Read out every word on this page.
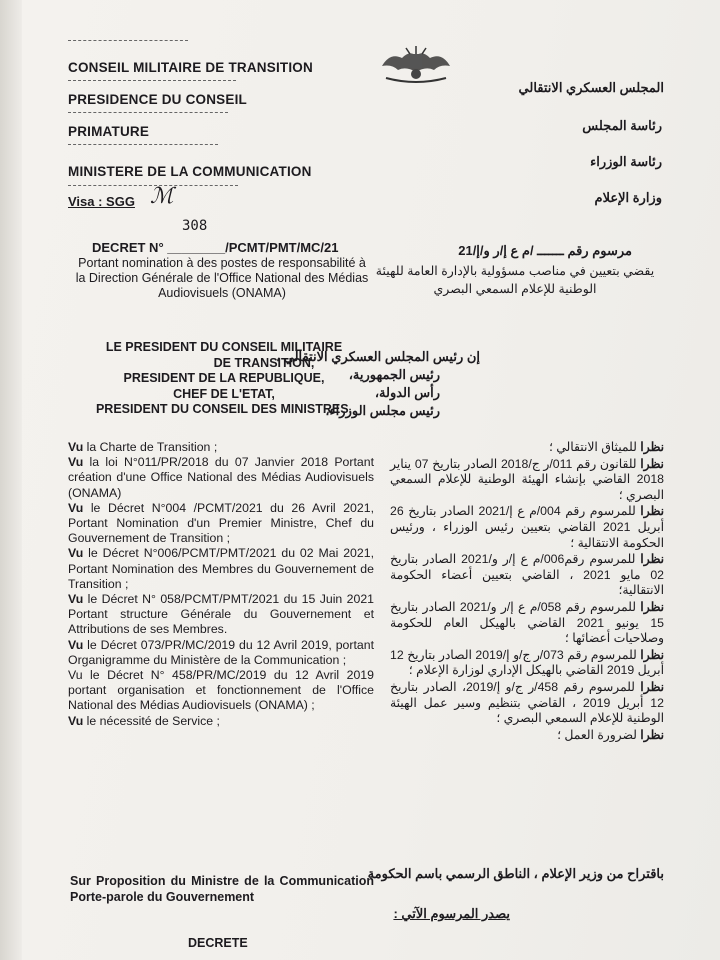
CONSEIL MILITAIRE DE TRANSITION
PRESIDENCE DU CONSEIL
PRIMATURE
MINISTERE DE LA COMMUNICATION
المجلس العسكري الانتقالي
رئاسة المجلس
رئاسة الوزراء
وزارة الإعلام
Visa : SGG ℳ
308
DECRET N° ________/PCMT/PMT/MC/21
Portant nomination à des postes de responsabilité à la Direction Générale de l'Office National des Médias Audiovisuels (ONAMA)
مرسوم رقم ـــــــ /م ع إ/ر و/إ/21
يقضي بتعيين في مناصب مسؤولية بالإدارة العامة للهيئة الوطنية للإعلام السمعي البصري
LE PRESIDENT DU CONSEIL MILITAIRE
DE TRANSITION,
PRESIDENT DE LA REPUBLIQUE,
CHEF DE L'ETAT,
PRESIDENT DU CONSEIL DES MINISTRES,
إن رئيس المجلس العسكري الانتقالي ،
رئيس الجمهورية،
رأس الدولة،
رئيس مجلس الوزراء،

Vu la Charte de Transition ;

Vu la loi N°011/PR/2018 du 07 Janvier 2018 Portant création d'une Office National des Médias Audiovisuels (ONAMA)

Vu le Décret N°004 /PCMT/2021 du 26 Avril 2021, Portant Nomination d'un Premier Ministre, Chef du Gouvernement de Transition ;

Vu le Décret N°006/PCMT/PMT/2021 du 02 Mai 2021, Portant Nomination des Membres du Gouvernement de Transition ;

Vu le Décret N° 058/PCMT/PMT/2021 du 15 Juin 2021 Portant structure Générale du Gouvernement et Attributions de ses Membres.

Vu le Décret 073/PR/MC/2019 du 12 Avril 2019, portant Organigramme du Ministère de la Communication ;

Vu le Décret N° 458/PR/MC/2019 du 12 Avril 2019 portant organisation et fonctionnement de l'Office National des Médias Audiovisuels (ONAMA) ;

Vu le nécessité de Service ;

نظرا للميثاق الانتقالي ؛

نظرا للقانون رقم 011/ر ج/2018 الصادر بتاريخ 07 يناير 2018 القاضي بإنشاء الهيئة الوطنية للإعلام السمعي البصري ؛

نظرا للمرسوم رقم 004/م ع إ/2021 الصادر بتاريخ 26 أبريل 2021 القاضي بتعيين رئيس الوزراء ، ورئيس الحكومة الانتقالية ؛

نظرا للمرسوم رقم006/م ع إ/ر و/2021 الصادر بتاريخ 02 مايو 2021 ، القاضي بتعيين أعضاء الحكومة الانتقالية؛

نظرا للمرسوم رقم 058/م ع إ/ر و/2021 الصادر بتاريخ 15 يونيو 2021 القاضي بالهيكل العام للحكومة وصلاحيات أعضائها ؛

نظرا للمرسوم رقم 073/ر ج/و إ/2019 الصادر بتاريخ 12 أبريل 2019 القاضي بالهيكل الإداري لوزارة الإعلام ؛

نظرا للمرسوم رقم 458/ر ج/و إ/2019، الصادر بتاريخ 12 أبريل 2019 ، القاضي بتنظيم وسير عمل الهيئة الوطنية للإعلام السمعي البصري ؛

نظرا لضرورة العمل ؛

Sur Proposition du Ministre de la Communication Porte-parole du Gouvernement
باقتراح من وزير الإعلام ، الناطق الرسمي باسم الحكومة
DECRETE
يصدر المرسوم الآتي :
